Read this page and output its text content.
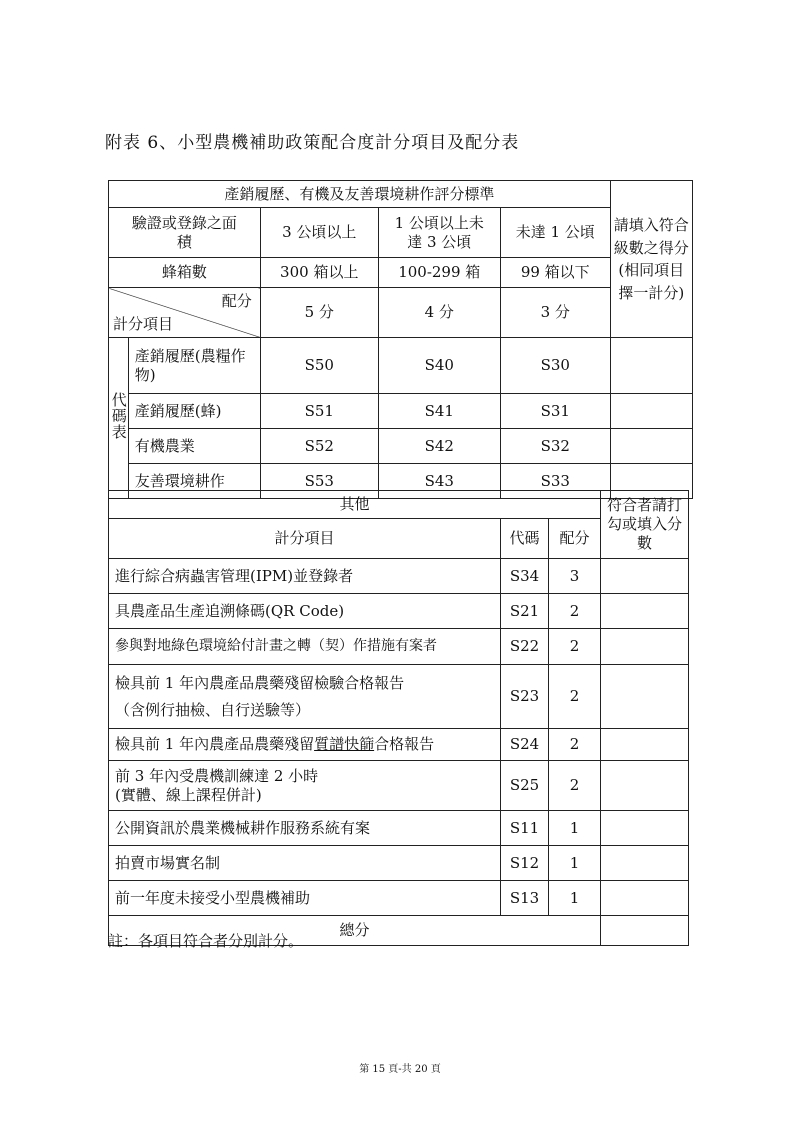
附表 6、小型農機補助政策配合度計分項目及配分表
產銷履歷、有機及友善環境耕作評分標準					請填入符合級數之得分(相同項目擇一計分)
驗證或登錄之面積		3 公頃以上	1 公頃以上未達 3 公頃	未達 1 公頃	
蜂箱數		300 箱以上	100-299 箱	99 箱以下	

配分
計分項目		5 分	4 分	3 分	
代碼表	產銷履歷(農糧作物)	S50	S40	S30	
	產銷履歷(蜂)	S51	S41	S31	
	有機農業	S52	S42	S32	
	友善環境耕作	S53	S43	S33	
其他			符合者請打勾或填入分數
計分項目	代碼	配分	
進行綜合病蟲害管理(IPM)並登錄者	S34	3	
具農產品生產追溯條碼(QR Code)	S21	2	
參與對地綠色環境給付計畫之轉（契）作措施有案者	S22	2	

檢具前 1 年內農產品農藥殘留檢驗合格報告
（含例行抽檢、自行送驗等）	S23	2	
檢具前 1 年內農產品農藥殘留質譜快篩合格報告	S24	2	

前 3 年內受農機訓練達 2 小時
(實體、線上課程併計)	S25	2	
公開資訊於農業機械耕作服務系統有案	S11	1	
拍賣市場實名制	S12	1	
前一年度未接受小型農機補助	S13	1	
總分			
註：各項目符合者分別計分。
第 15 頁-共 20 頁
